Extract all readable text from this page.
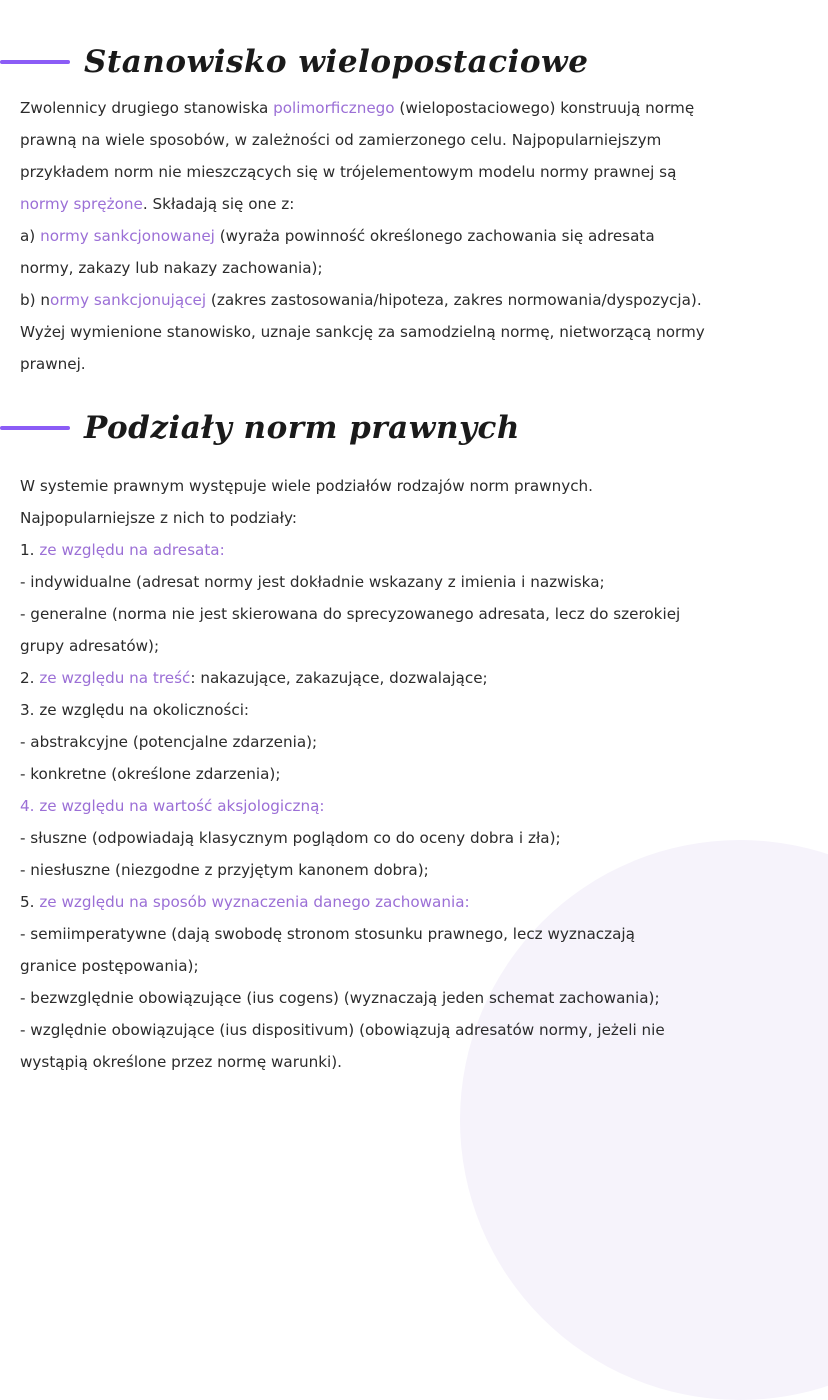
Stanowisko wielopostaciowe
Zwolennicy drugiego stanowiska polimorficznego (wielopostaciowego) konstruują normę
prawną na wiele sposobów, w zależności od zamierzonego celu. Najpopularniejszym
przykładem norm nie mieszczących się w trójelementowym modelu normy prawnej są
normy sprężone. Składają się one z:
a) normy sankcjonowanej (wyraża powinność określonego zachowania się adresata
normy, zakazy lub nakazy zachowania);
b) normy sankcjonującej (zakres zastosowania/hipoteza, zakres normowania/dyspozycja).
Wyżej wymienione stanowisko, uznaje sankcję za samodzielną normę, nietworzącą normy
prawnej.
Podziały norm prawnych
W systemie prawnym występuje wiele podziałów rodzajów norm prawnych.
Najpopularniejsze z nich to podziały:
1. ze względu na adresata:
- indywidualne (adresat normy jest dokładnie wskazany z imienia i nazwiska;
- generalne (norma nie jest skierowana do sprecyzowanego adresata, lecz do szerokiej
grupy adresatów);
2. ze względu na treść: nakazujące, zakazujące, dozwalające;
3. ze względu na okoliczności:
- abstrakcyjne (potencjalne zdarzenia);
- konkretne (określone zdarzenia);
4. ze względu na wartość aksjologiczną:
- słuszne (odpowiadają klasycznym poglądom co do oceny dobra i zła);
- niesłuszne (niezgodne z przyjętym kanonem dobra);
5. ze względu na sposób wyznaczenia danego zachowania:
- semiimperatywne (dają swobodę stronom stosunku prawnego, lecz wyznaczają
granice postępowania);
- bezwzględnie obowiązujące (ius cogens) (wyznaczają jeden schemat zachowania);
- względnie obowiązujące (ius dispositivum) (obowiązują adresatów normy, jeżeli nie
wystąpią określone przez normę warunki).
